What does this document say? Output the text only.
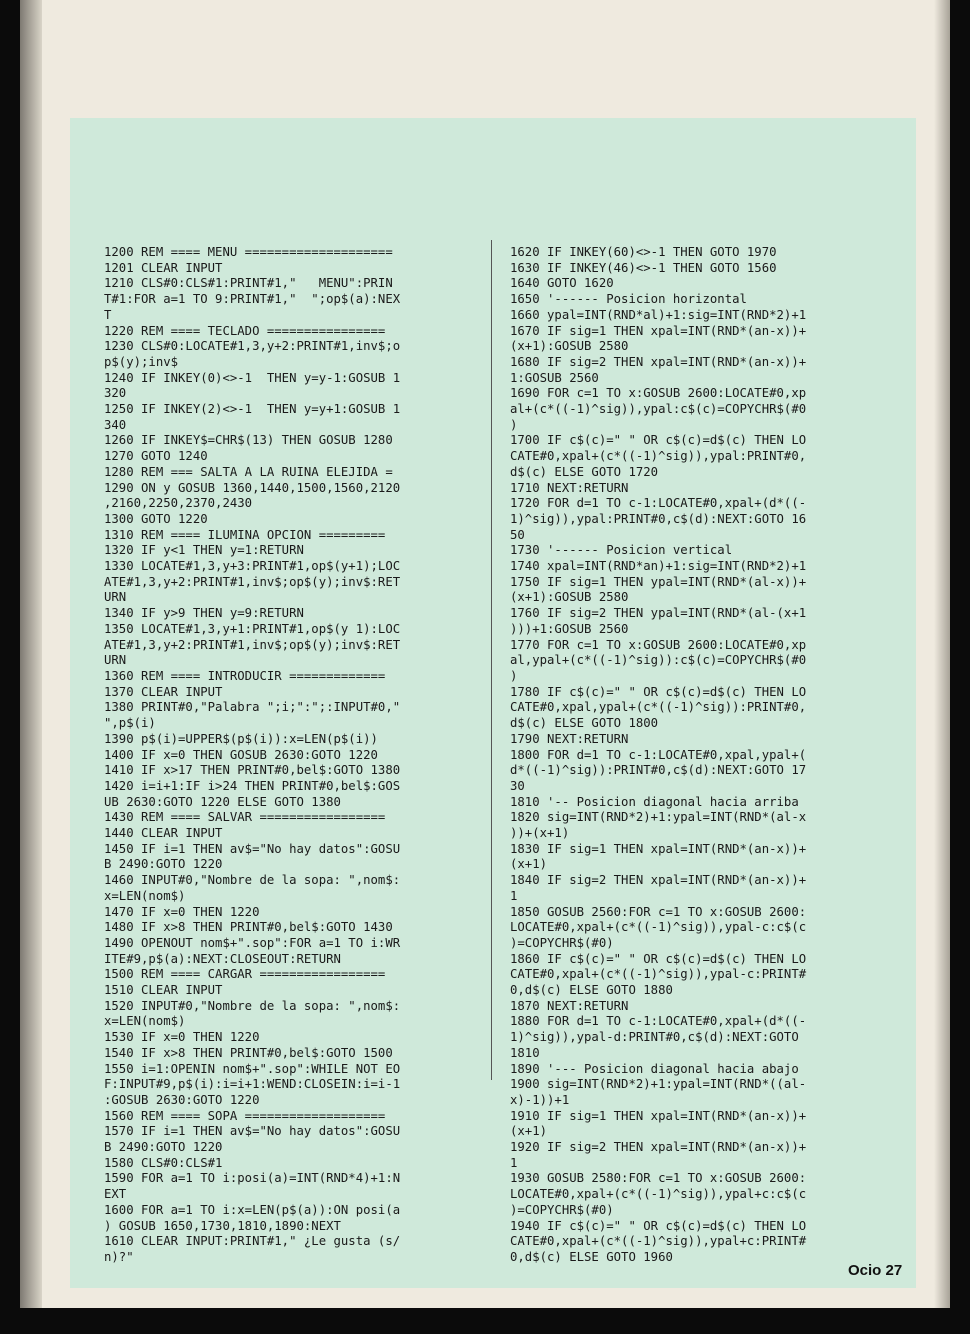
1200 REM ==== MENU ====================
1201 CLEAR INPUT
1210 CLS#0:CLS#1:PRINT#1,"   MENU":PRIN
T#1:FOR a=1 TO 9:PRINT#1,"  ";op$(a):NEX
T
1220 REM ==== TECLADO ================
1230 CLS#0:LOCATE#1,3,y+2:PRINT#1,inv$;o
p$(y);inv$
1240 IF INKEY(0)<>-1  THEN y=y-1:GOSUB 1
320
1250 IF INKEY(2)<>-1  THEN y=y+1:GOSUB 1
340
1260 IF INKEY$=CHR$(13) THEN GOSUB 1280
1270 GOTO 1240
1280 REM === SALTA A LA RUINA ELEJIDA =
1290 ON y GOSUB 1360,1440,1500,1560,2120
,2160,2250,2370,2430
1300 GOTO 1220
1310 REM ==== ILUMINA OPCION =========
1320 IF y<1 THEN y=1:RETURN
1330 LOCATE#1,3,y+3:PRINT#1,op$(y+1);LOC
ATE#1,3,y+2:PRINT#1,inv$;op$(y);inv$:RET
URN
1340 IF y>9 THEN y=9:RETURN
1350 LOCATE#1,3,y+1:PRINT#1,op$(y 1):LOC
ATE#1,3,y+2:PRINT#1,inv$;op$(y);inv$:RET
URN
1360 REM ==== INTRODUCIR =============
1370 CLEAR INPUT
1380 PRINT#0,"Palabra ";i;":";:INPUT#0,"
",p$(i)
1390 p$(i)=UPPER$(p$(i)):x=LEN(p$(i))
1400 IF x=0 THEN GOSUB 2630:GOTO 1220
1410 IF x>17 THEN PRINT#0,bel$:GOTO 1380
1420 i=i+1:IF i>24 THEN PRINT#0,bel$:GOS
UB 2630:GOTO 1220 ELSE GOTO 1380
1430 REM ==== SALVAR =================
1440 CLEAR INPUT
1450 IF i=1 THEN av$="No hay datos":GOSU
B 2490:GOTO 1220
1460 INPUT#0,"Nombre de la sopa: ",nom$:
x=LEN(nom$)
1470 IF x=0 THEN 1220
1480 IF x>8 THEN PRINT#0,bel$:GOTO 1430
1490 OPENOUT nom$+".sop":FOR a=1 TO i:WR
ITE#9,p$(a):NEXT:CLOSEOUT:RETURN
1500 REM ==== CARGAR =================
1510 CLEAR INPUT
1520 INPUT#0,"Nombre de la sopa: ",nom$:
x=LEN(nom$)
1530 IF x=0 THEN 1220
1540 IF x>8 THEN PRINT#0,bel$:GOTO 1500
1550 i=1:OPENIN nom$+".sop":WHILE NOT EO
F:INPUT#9,p$(i):i=i+1:WEND:CLOSEIN:i=i-1
:GOSUB 2630:GOTO 1220
1560 REM ==== SOPA ===================
1570 IF i=1 THEN av$="No hay datos":GOSU
B 2490:GOTO 1220
1580 CLS#0:CLS#1
1590 FOR a=1 TO i:posi(a)=INT(RND*4)+1:N
EXT
1600 FOR a=1 TO i:x=LEN(p$(a)):ON posi(a
) GOSUB 1650,1730,1810,1890:NEXT
1610 CLEAR INPUT:PRINT#1," ¿Le gusta (s/
n)?"
1620 IF INKEY(60)<>-1 THEN GOTO 1970
1630 IF INKEY(46)<>-1 THEN GOTO 1560
1640 GOTO 1620
1650 '------ Posicion horizontal
1660 ypal=INT(RND*al)+1:sig=INT(RND*2)+1
1670 IF sig=1 THEN xpal=INT(RND*(an-x))+
(x+1):GOSUB 2580
1680 IF sig=2 THEN xpal=INT(RND*(an-x))+
1:GOSUB 2560
1690 FOR c=1 TO x:GOSUB 2600:LOCATE#0,xp
al+(c*((-1)^sig)),ypal:c$(c)=COPYCHR$(#0
)
1700 IF c$(c)=" " OR c$(c)=d$(c) THEN LO
CATE#0,xpal+(c*((-1)^sig)),ypal:PRINT#0,
d$(c) ELSE GOTO 1720
1710 NEXT:RETURN
1720 FOR d=1 TO c-1:LOCATE#0,xpal+(d*((-
1)^sig)),ypal:PRINT#0,c$(d):NEXT:GOTO 16
50
1730 '------ Posicion vertical
1740 xpal=INT(RND*an)+1:sig=INT(RND*2)+1
1750 IF sig=1 THEN ypal=INT(RND*(al-x))+
(x+1):GOSUB 2580
1760 IF sig=2 THEN ypal=INT(RND*(al-(x+1
)))+1:GOSUB 2560
1770 FOR c=1 TO x:GOSUB 2600:LOCATE#0,xp
al,ypal+(c*((-1)^sig)):c$(c)=COPYCHR$(#0
)
1780 IF c$(c)=" " OR c$(c)=d$(c) THEN LO
CATE#0,xpal,ypal+(c*((-1)^sig)):PRINT#0,
d$(c) ELSE GOTO 1800
1790 NEXT:RETURN
1800 FOR d=1 TO c-1:LOCATE#0,xpal,ypal+(
d*((-1)^sig)):PRINT#0,c$(d):NEXT:GOTO 17
30
1810 '-- Posicion diagonal hacia arriba
1820 sig=INT(RND*2)+1:ypal=INT(RND*(al-x
))+(x+1)
1830 IF sig=1 THEN xpal=INT(RND*(an-x))+
(x+1)
1840 IF sig=2 THEN xpal=INT(RND*(an-x))+
1
1850 GOSUB 2560:FOR c=1 TO x:GOSUB 2600:
LOCATE#0,xpal+(c*((-1)^sig)),ypal-c:c$(c
)=COPYCHR$(#0)
1860 IF c$(c)=" " OR c$(c)=d$(c) THEN LO
CATE#0,xpal+(c*((-1)^sig)),ypal-c:PRINT#
0,d$(c) ELSE GOTO 1880
1870 NEXT:RETURN
1880 FOR d=1 TO c-1:LOCATE#0,xpal+(d*((-
1)^sig)),ypal-d:PRINT#0,c$(d):NEXT:GOTO
1810
1890 '--- Posicion diagonal hacia abajo
1900 sig=INT(RND*2)+1:ypal=INT(RND*((al-
x)-1))+1
1910 IF sig=1 THEN xpal=INT(RND*(an-x))+
(x+1)
1920 IF sig=2 THEN xpal=INT(RND*(an-x))+
1
1930 GOSUB 2580:FOR c=1 TO x:GOSUB 2600:
LOCATE#0,xpal+(c*((-1)^sig)),ypal+c:c$(c
)=COPYCHR$(#0)
1940 IF c$(c)=" " OR c$(c)=d$(c) THEN LO
CATE#0,xpal+(c*((-1)^sig)),ypal+c:PRINT#
0,d$(c) ELSE GOTO 1960
Ocio 27
